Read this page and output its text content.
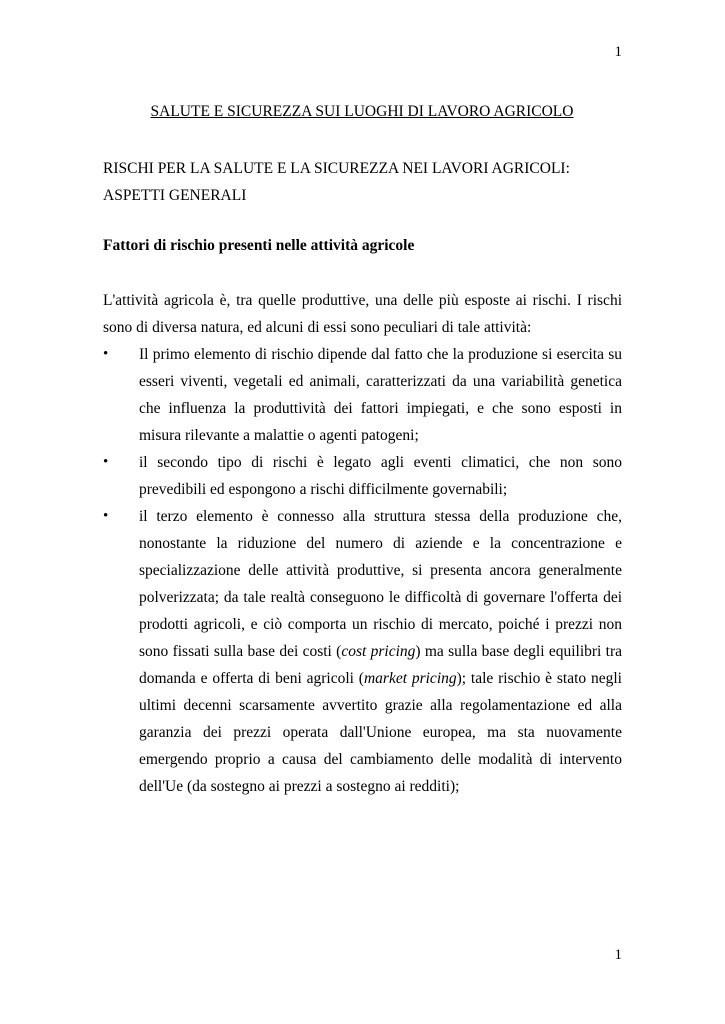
1
SALUTE E SICUREZZA SUI LUOGHI DI LAVORO AGRICOLO
RISCHI PER LA SALUTE E LA SICUREZZA NEI LAVORI AGRICOLI: ASPETTI GENERALI
Fattori di rischio presenti nelle attività agricole
L'attività agricola è, tra quelle produttive, una delle più esposte ai rischi. I rischi sono di diversa natura, ed alcuni di essi sono peculiari di tale attività:
• Il primo elemento di rischio dipende dal fatto che la produzione si esercita su esseri viventi, vegetali ed animali, caratterizzati da una variabilità genetica che influenza la produttività dei fattori impiegati, e che sono esposti in misura rilevante a malattie o agenti patogeni;
• il secondo tipo di rischi è legato agli eventi climatici, che non sono prevedibili ed espongono a rischi difficilmente governabili;
• il terzo elemento è connesso alla struttura stessa della produzione che, nonostante la riduzione del numero di aziende e la concentrazione e specializzazione delle attività produttive, si presenta ancora generalmente polverizzata; da tale realtà conseguono le difficoltà di governare l'offerta dei prodotti agricoli, e ciò comporta un rischio di mercato, poiché i prezzi non sono fissati sulla base dei costi (cost pricing) ma sulla base degli equilibri tra domanda e offerta di beni agricoli (market pricing); tale rischio è stato negli ultimi decenni scarsamente avvertito grazie alla regolamentazione ed alla garanzia dei prezzi operata dall'Unione europea, ma sta nuovamente emergendo proprio a causa del cambiamento delle modalità di intervento dell'Ue (da sostegno ai prezzi a sostegno ai redditi);
1
